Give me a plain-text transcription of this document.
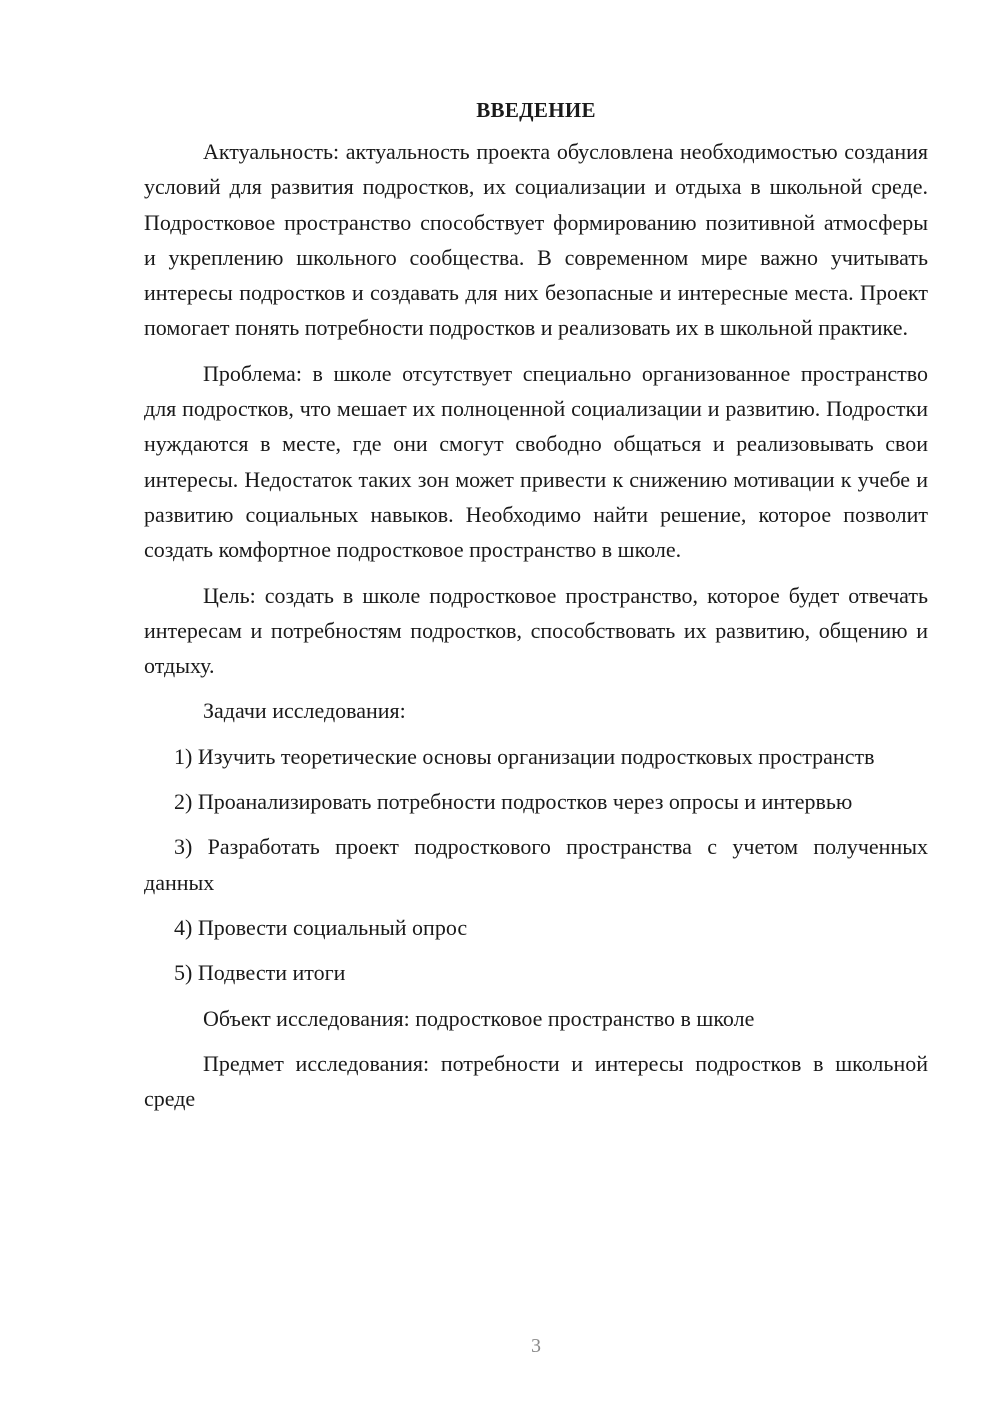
ВВЕДЕНИЕ

Актуальность: актуальность проекта обусловлена необходимостью создания условий для развития подростков, их социализации и отдыха в школьной среде. Подростковое пространство способствует формированию позитивной атмосферы и укреплению школьного сообщества. В современном мире важно учитывать интересы подростков и создавать для них безопасные и интересные места. Проект помогает понять потребности подростков и реализовать их в школьной практике.

Проблема: в школе отсутствует специально организованное пространство для подростков, что мешает их полноценной социализации и развитию. Подростки нуждаются в месте, где они смогут свободно общаться и реализовывать свои интересы. Недостаток таких зон может привести к снижению мотивации к учебе и развитию социальных навыков. Необходимо найти решение, которое позволит создать комфортное подростковое пространство в школе.

Цель: создать в школе подростковое пространство, которое будет отвечать интересам и потребностям подростков, способствовать их развитию, общению и отдыху.

Задачи исследования:

1) Изучить теоретические основы организации подростковых пространств

2) Проанализировать потребности подростков через опросы и интервью

3) Разработать проект подросткового пространства с учетом полученных данных

4) Провести социальный опрос

5) Подвести итоги

Объект исследования: подростковое пространство в школе

Предмет исследования: потребности и интересы подростков в школьной среде

3
